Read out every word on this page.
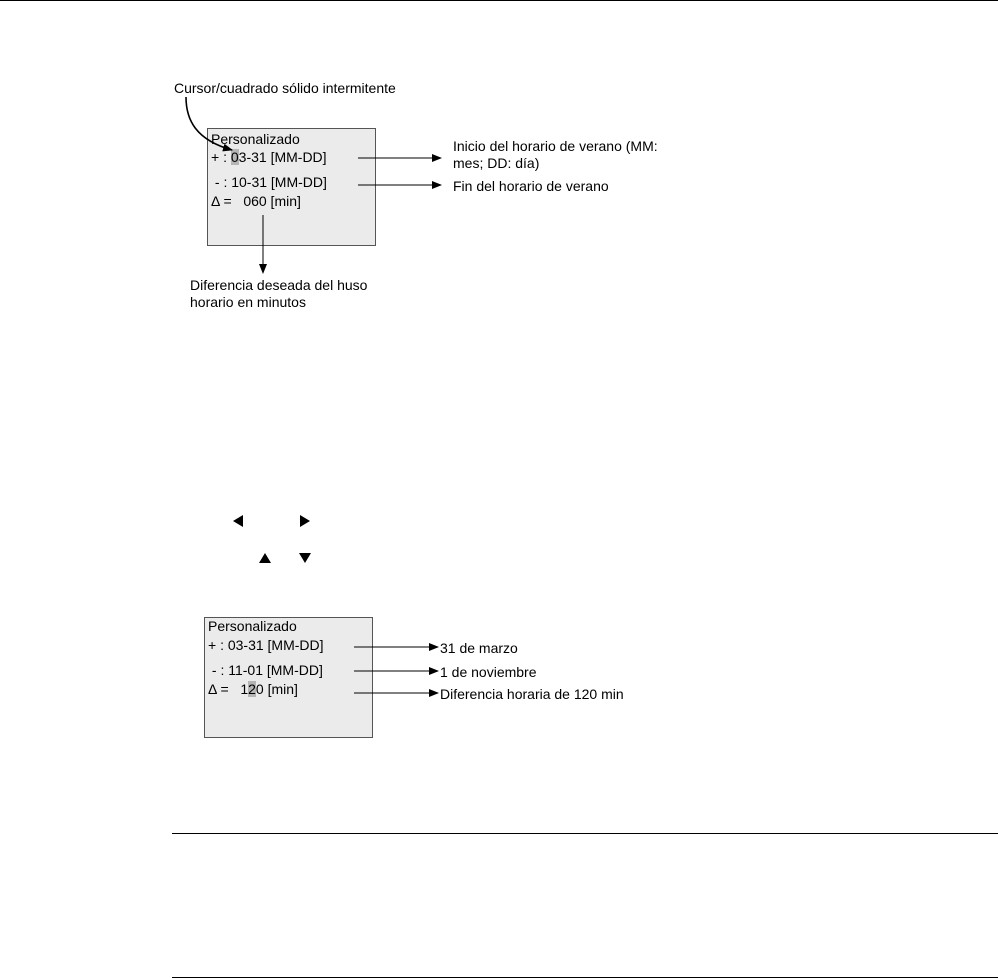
Cursor/cuadrado sólido intermitente
Personalizado
+ : 03-31 [MM-DD]
- : 10-31 [MM-DD]
Δ =   060 [min]
Inicio del horario de verano (MM:
mes; DD: día)
Fin del horario de verano
Diferencia deseada del huso
horario en minutos
Personalizado
+ : 03-31 [MM-DD]
- : 11-01 [MM-DD]
Δ =   120 [min]
31 de marzo
1 de noviembre
Diferencia horaria de 120 min
